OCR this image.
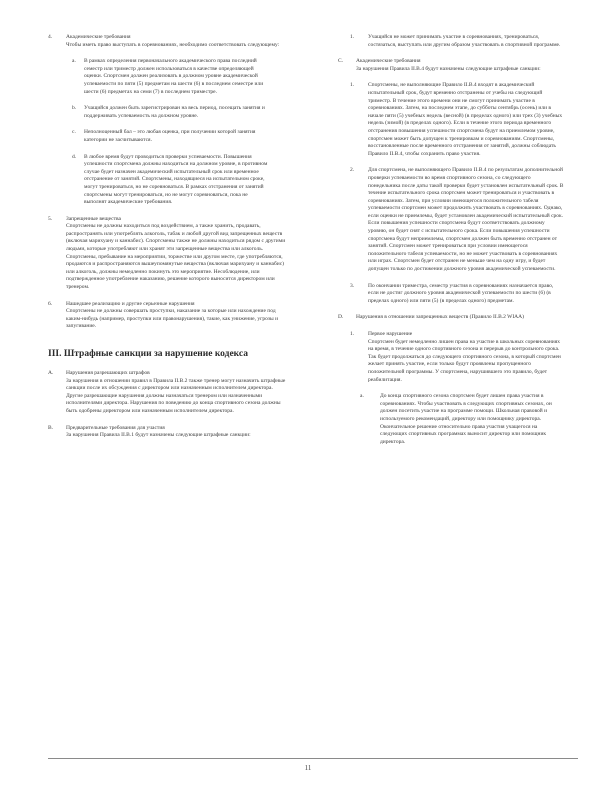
4.	Академические требования
Чтобы иметь право выступать в соревнованиях, необходимо соответствовать следующему:
a. В рамках определения первоначального академического права последний семестр или триместр должен использоваться в качестве определяющей оценки. Спортсмен должен реализовать в должном уровне академической успеваемости по пяти (5) предметам на шести (6) в последнем семестре или шести (6) предметах на семи (7) в последнем триместре.
b. Учащийся должен быть зарегистрирован на весь период, посещать занятия и поддерживать успеваемость на должном уровне.
c. Неполноценный бал – это любая оценка, при получении которой занятия категории не засчитываются.
d. В любое время будут проводиться проверки успеваемости. Повышения успешности спортсмена должны находиться на должном уровне, в противном случае будет назначен академический испытательный срок или временное отстранение от занятий. Спортсмены, находящиеся на испытательном сроке, могут тренироваться, но не соревноваться. В рамках отстранения от занятий спортсмены могут тренироваться, но не могут соревноваться, пока не выполнят академические требования.
5.	Запрещенные вещества
Спортсмены не должны находиться под воздействием, а также хранить, продавать, распространять или употреблять алкоголь, табак и любой другой вид запрещенных веществ (включая марихуану и каннабис). Спортсмены также не должны находиться рядом с другими людьми, которые употребляют или хранят эти запрещенные вещества или алкоголь. Спортсмены, пребывание на мероприятии, торжестве или другом месте, где употребляются, продаются и распространяются вышеупомянутые вещества (включая марихуану и каннабис) или алкоголь, должны немедленно покинуть это мероприятие. Несоблюдение, или подтвержденное употребление наказанию, решение которого выносится директором или тренером.
6.	Нашедшее реализацию и другие серьезные нарушения
Спортсмены не должны совершать проступки, наказание за которые или нахождение под каким-нибудь (например, проступки или правонарушения), такие, как унижение, угрозы и запугивание.
III. Штрафные санкции за нарушение кодекса
A. Нарушения разрешающих штрафов
За нарушения в отношении правил в Правила II.B.2 также тренер могут назначить штрафные санкции после их обсуждения с директором или назначенным исполнителем директора. Другие разрешающие нарушения должны назначаться тренером или назначенными исполнителями директора. Нарушения по поведению до конца спортивного сезона должны быть одобрены директором или назначенным исполнителем директора.
B. Предварительные требования для участия
За нарушения Правила II.B.1 будут назначены следующие штрафные санкции:
1.	Учащийся не может принимать участие в соревнованиях, тренироваться, состязаться, выступать или другим образом участвовать в спортивной программе.
C. Академические требования
За нарушения Правила II.B.4 будут назначены следующие штрафные санкции:
1.	Спортсмены, не выполняющие Правило II.B.4 входят в академический испытательный срок, будут временно отстранены от учебы на следующий триместр. В течение этого времени они не смогут принимать участие в соревнованиях. Затем, на последнем этапе, до субботы сентябрь (осень) или в начале пяти (5) учебных недель (весной) (в пределах одного) или трех (3) учебных недель (зимой) (в пределах одного). Если в течение этого периода временного отстранения повышения успешности спортсмена будут на приемлемом уровне, спортсмен может быть допущен к тренировкам и соревнованиям. Спортсмены, восстановленные после временного отстранения от занятий, должны соблюдать Правило II.B.4, чтобы сохранить право участия.
2.	Для спортсмена, не выполняющего Правило II.B.4 по результатам дополнительной проверки успеваемости во время спортивного сезона, со следующего понедельника после даты такой проверки будет установлен испытательный срок. В течение испытательного срока спортсмен может тренироваться и участвовать в соревнованиях. Затем, при условии имеющегося положительного табеля успеваемости спортсмен может продолжить участвовать в соревнованиях. Однако, если оценки не приемлемы, будет установлен академический испытательный срок. Если повышения успешности спортсмена будут соответствовать должному уровню, он будет снят с испытательного срока. Если повышения успешности спортсмена будут неприемлемы, спортсмен должен быть временно отстранен от занятий. Спортсмен может тренироваться при условии имеющегося положительного табеля успеваемости, но не может участвовать в соревнованиях или играх. Спортсмен будет отстранен не меньше чем на одну игру, и будет допущен только по достижении должного уровня академической успеваемости.
3.	По окончании триместра, семестр участия в соревнованиях назначается право, если не достиг должного уровня академической успеваемости по шести (6) (в пределах одного) или пяти (5) (в пределах одного) предметам.
D. Нарушения в отношении запрещенных веществ (Правило II.B.2 WIAA)
1.	Первое нарушение
Спортсмен будет немедленно лишен права на участие в школьных соревнованиях на время, в течение одного спортивного сезона и перерыв до контрольного срока. Так будет продолжаться до следующего спортивного сезона, в который спортсмен желает принять участие, если только будут проявлены пропущенного положительной программы. У спортсмена, нарушившего это правило, будет реабилитация.
a.	До конца спортивного сезона спортсмен будет лишен права участия в соревнованиях. Чтобы участвовать в следующих спортивных сезонах, он должен посетить участие на программе помощи. Школьная правовой и используемого рекомендаций, директору или помощнику директора. Окончательное решение относительно права участия учащегося на следующих спортивных программах выносит директор или помощник директора.
11
